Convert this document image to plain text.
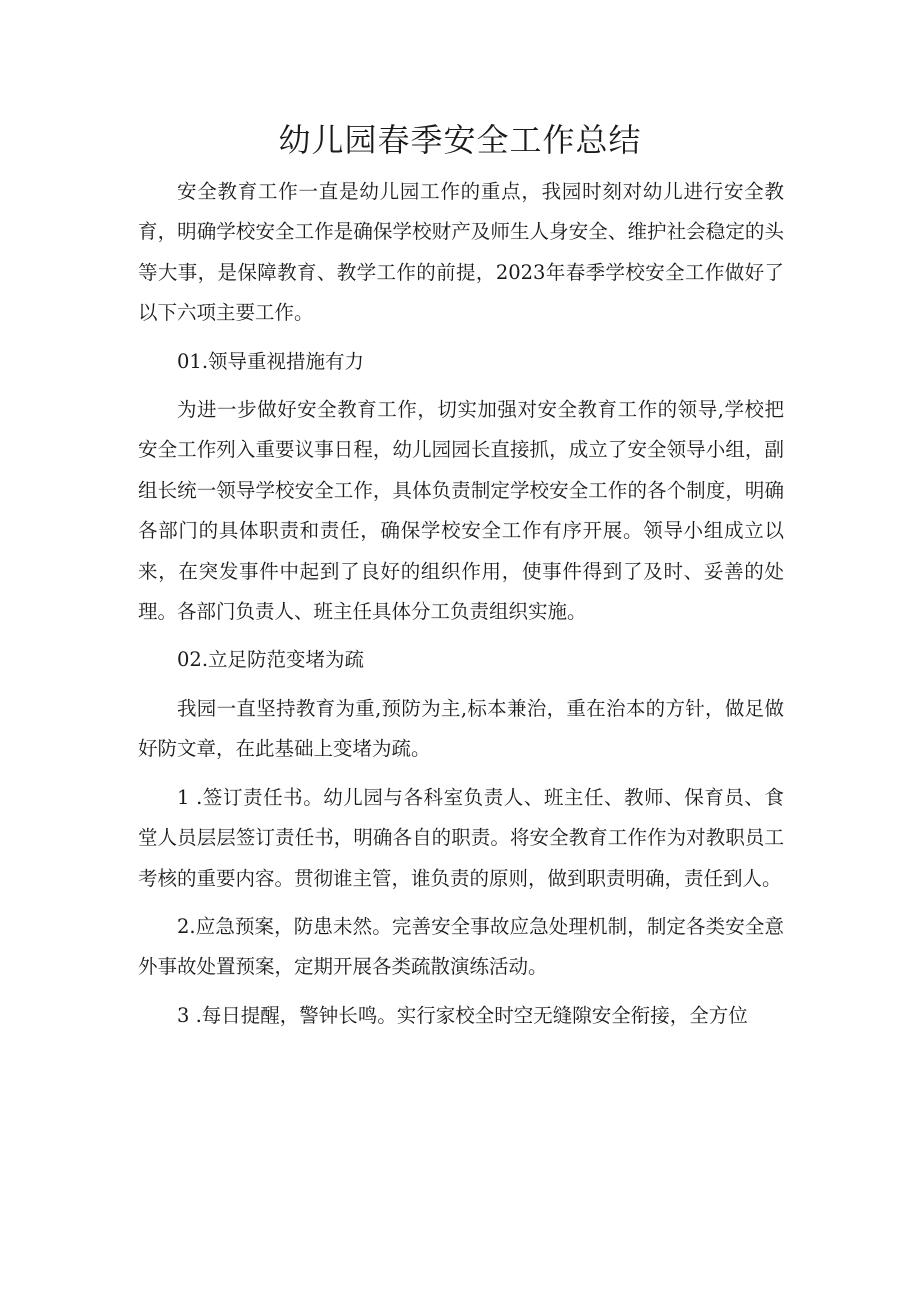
幼儿园春季安全工作总结

安全教育工作一直是幼儿园工作的重点，我园时刻对幼儿进行安全教育，明确学校安全工作是确保学校财产及师生人身安全、维护社会稳定的头等大事，是保障教育、教学工作的前提，2023年春季学校安全工作做好了以下六项主要工作。

01.领导重视措施有力

为进一步做好安全教育工作，切实加强对安全教育工作的领导,学校把安全工作列入重要议事日程，幼儿园园长直接抓，成立了安全领导小组，副组长统一领导学校安全工作，具体负责制定学校安全工作的各个制度，明确各部门的具体职责和责任，确保学校安全工作有序开展。领导小组成立以来，在突发事件中起到了良好的组织作用，使事件得到了及时、妥善的处理。各部门负责人、班主任具体分工负责组织实施。

02.立足防范变堵为疏

我园一直坚持教育为重,预防为主,标本兼治，重在治本的方针，做足做好防文章，在此基础上变堵为疏。

1 .签订责任书。幼儿园与各科室负责人、班主任、教师、保育员、食堂人员层层签订责任书，明确各自的职责。将安全教育工作作为对教职员工考核的重要内容。贯彻谁主管，谁负责的原则，做到职责明确，责任到人。

2.应急预案，防患未然。完善安全事故应急处理机制，制定各类安全意外事故处置预案，定期开展各类疏散演练活动。

3 .每日提醒，警钟长鸣。实行家校全时空无缝隙安全衔接，全方位
